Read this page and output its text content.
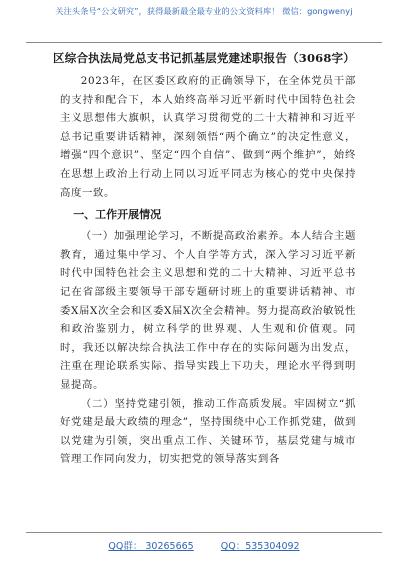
关注头条号“公文研究”，获得最新最全最专业的公文资料库！ 微信：gongwenyj
区综合执法局党总支书记抓基层党建述职报告（3068字）

2023年，在区委区政府的正确领导下，在全体党员干部的支持和配合下，本人始终高举习近平新时代中国特色社会主义思想伟大旗帜，认真学习贯彻党的二十大精神和习近平总书记重要讲话精神，深刻领悟“两个确立”的决定性意义，增强“四个意识”、坚定“四个自信”、做到“两个维护”，始终在思想上政治上行动上同以习近平同志为核心的党中央保持高度一致。

一、工作开展情况

（一）加强理论学习，不断提高政治素养。本人结合主题教育，通过集中学习、个人自学等方式，深入学习习近平新时代中国特色社会主义思想和党的二十大精神、习近平总书记在省部级主要领导干部专题研讨班上的重要讲话精神、市委X届X次全会和区委X届X次全会精神。努力提高政治敏锐性和政治鉴别力，树立科学的世界观、人生观和价值观。同时，我还以解决综合执法工作中存在的实际问题为出发点，注重在理论联系实际、指导实践上下功夫，理论水平得到明显提高。

（二）坚持党建引领，推动工作高质发展。牢固树立“抓好党建是最大政绩的理念”，坚持围绕中心工作抓党建，做到以党建为引领，突出重点工作、关键环节，基层党建与城市管理工作同向发力，切实把党的领导落实到各

QQ群： 30265665	QQ：535304092
